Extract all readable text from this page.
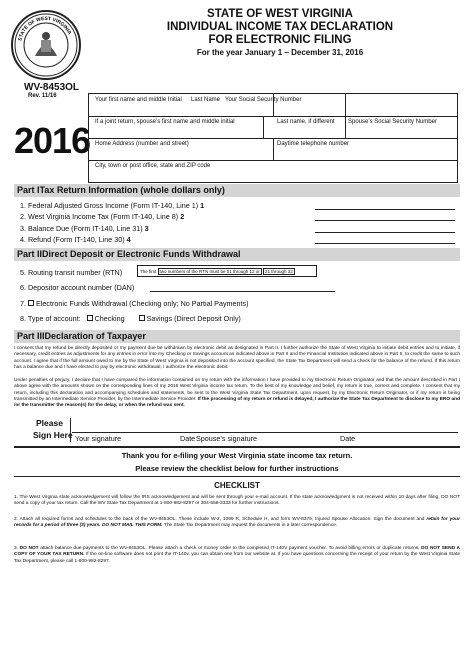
STATE OF WEST VIRGINIA
WV-8453OL
Rev. 11/16
2016
STATE OF WEST VIRGINIA
INDIVIDUAL INCOME TAX DECLARATION
FOR ELECTRONIC FILING
For the year January 1 – December 31, 2016
Your first name and middle Initial Last Name Your Social Security Number
If a joint return, spouse’s first name and middle initial	Last name, if different Spouse’s Social Security Number
Home Address (number and street)	Daytime telephone number
City, town or post office, state and ZIP code
Part ITax Return Information (whole dollars only)
1. Federal Adjusted Gross Income (Form IT-140, Line 1) 1
2. West Virginia Income Tax (Form IT-140, Line 8) 2
3. Balance Due (Form IT-140, Line 31) 3
4. Refund (Form IT-140, Line 30) 4
Part IIDirect Deposit or Electronic Funds Withdrawal
5. Routing transit number (RTN)	The first two numbers of the RTN must be 01 through 12 or 21 through 32
6. Depositor account number (DAN)
7. Electronic Funds Withdrawal (Checking only; No Partial Payments)
8. Type of account: Checking	Savings (Direct Deposit Only)
Part IIIDeclaration of Taxpayer
I consent that my refund be directly deposited or my payment due be withdrawn by electronic debit as designated in Part II. I further authorize the State of West Virginia to initiate debit entries and to initiate, if necessary, credit entries as adjustments for any entries in error into my Checking or Savings account as indicated above in Part II and the Financial Institution indicated above in Part II, to credit the same to such account. I agree that if the full amount owed to me by the State of West Virginia is not deposited into the account specified, the State Tax Department will send a check for the balance of the refund. If this return has a balance due and I have elected to pay by electronic withdrawal, I authorize the electronic debit.
Under penalties of perjury, I declare that I have compared the information contained on my return with the information I have provided to my Electronic Return Originator and that the amount described in Part I above agree with the amounts shown on the corresponding lines of my 2016 West Virginia income tax return. To the best of my knowledge and belief, my return is true, correct and complete. I consent that my return, including this declaration and accompanying schedules and statements, be sent to the West Virginia State Tax Department, upon request, by my Electronic Return Originator, or if my return is being transmitted by an Intermediate Service Provider, by the Intermediate Service Provider. If the processing of my return or refund is delayed, I authorize the State Tax Department to disclose to my ERO and /or the transmitter the reason(s) for the delay, or when the refund was sent.
Please
Sign Here Your signature	Date Spouse’s signature	Date
Thank you for e-filing your West Virginia state income tax return.
Please review the checklist below for further instructions
CHECKLIST
1. The West Virginia state acknowledgement will follow the IRS acknowledgement and will be sent through your e-mail account. If the state acknowledgment is not received within 10 days after filing, DO NOT send a copy of your tax return. Call the WV State Tax Department at 1-800-982-8297 or 304-558-3333 for further instructions.
2. Attach all required forms and schedules to the back of the WV-8453OL. These include W-2, 1099 R, Schedule H, and form WV-8379, Injured Spouse Allocation. Sign the document and retain for your records for a period of three (3) years. DO NOT MAIL THIS FORM. The State Tax Department may request the documents in a later correspondence.
3. DO NOT attach balance due payments to the WV-8453OL. Please attach a check or money order to the completed IT-140V payment voucher. To avoid billing errors or duplicate returns, DO NOT SEND A COPY OF YOUR TAX RETURN. If the on-line software does not print the IT-140v, you can obtain one from our website at. If you have questions concerning the receipt of your return by the West Virginia State Tax Department, please call 1-800-982-8297.
